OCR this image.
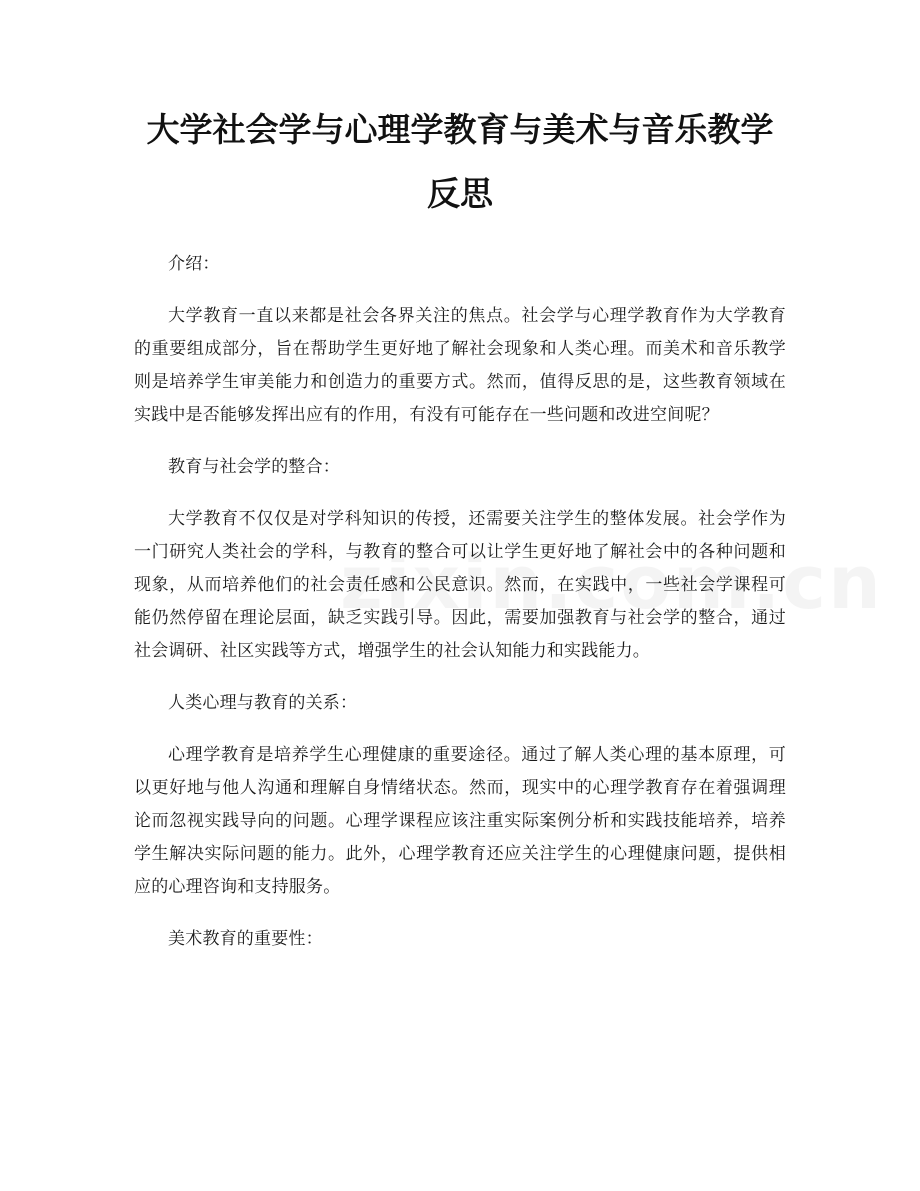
大学社会学与心理学教育与美术与音乐教学
反思

介绍：

大学教育一直以来都是社会各界关注的焦点。社会学与心理学教育作为大学教育的重要组成部分，旨在帮助学生更好地了解社会现象和人类心理。而美术和音乐教学则是培养学生审美能力和创造力的重要方式。然而，值得反思的是，这些教育领域在实践中是否能够发挥出应有的作用，有没有可能存在一些问题和改进空间呢？

教育与社会学的整合：

大学教育不仅仅是对学科知识的传授，还需要关注学生的整体发展。社会学作为一门研究人类社会的学科，与教育的整合可以让学生更好地了解社会中的各种问题和现象，从而培养他们的社会责任感和公民意识。然而，在实践中，一些社会学课程可能仍然停留在理论层面，缺乏实践引导。因此，需要加强教育与社会学的整合，通过社会调研、社区实践等方式，增强学生的社会认知能力和实践能力。

人类心理与教育的关系：

心理学教育是培养学生心理健康的重要途径。通过了解人类心理的基本原理，可以更好地与他人沟通和理解自身情绪状态。然而，现实中的心理学教育存在着强调理论而忽视实践导向的问题。心理学课程应该注重实际案例分析和实践技能培养，培养学生解决实际问题的能力。此外，心理学教育还应关注学生的心理健康问题，提供相应的心理咨询和支持服务。

美术教育的重要性：
